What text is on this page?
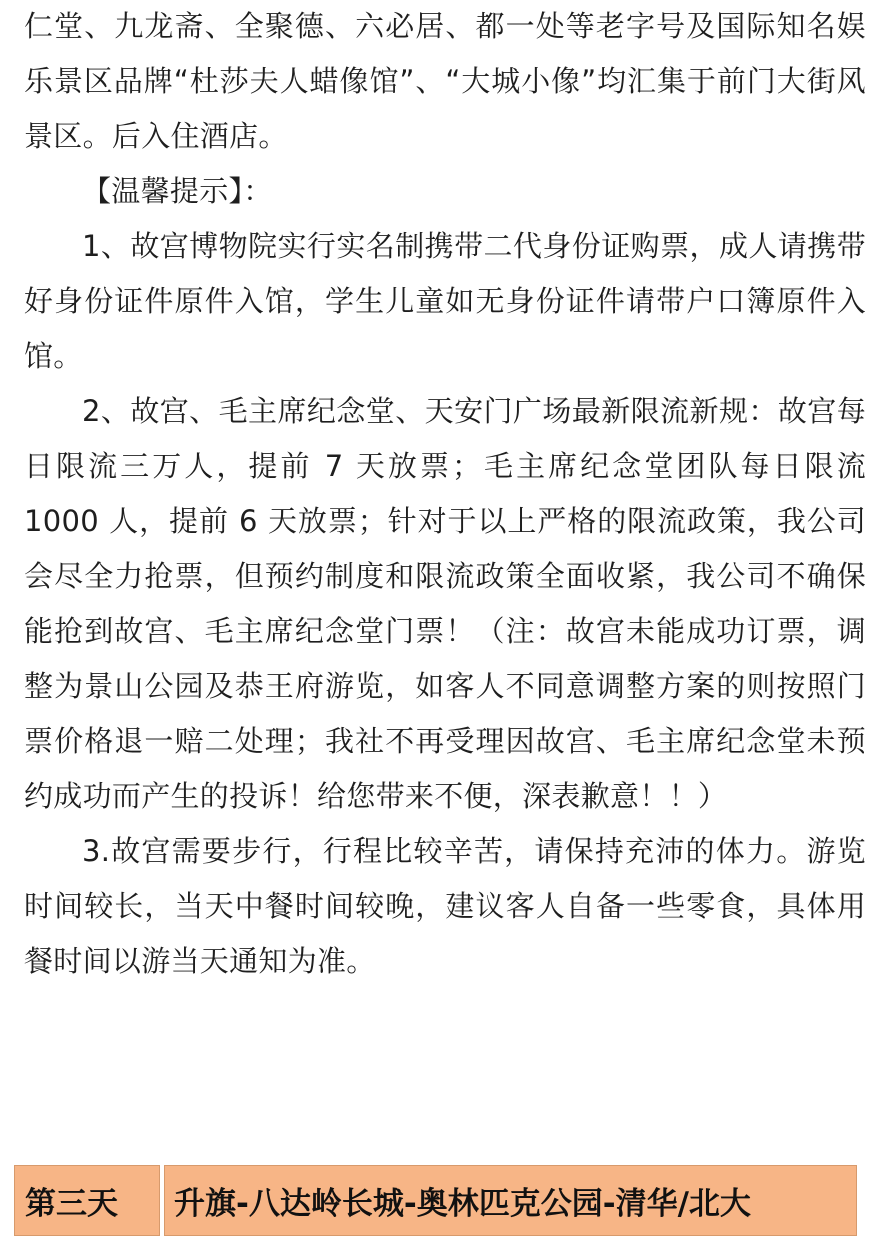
仁堂、九龙斋、全聚德、六必居、都一处等老字号及国际知名娱乐景区品牌“杜莎夫人蜡像馆”、“大城小像”均汇集于前门大街风景区。后入住酒店。

【温馨提示】：

1、故宫博物院实行实名制携带二代身份证购票，成人请携带好身份证件原件入馆，学生儿童如无身份证件请带户口簿原件入馆。

2、故宫、毛主席纪念堂、天安门广场最新限流新规：故宫每日限流三万人，提前 7 天放票；毛主席纪念堂团队每日限流 1000 人，提前 6 天放票；针对于以上严格的限流政策，我公司会尽全力抢票，但预约制度和限流政策全面收紧，我公司不确保能抢到故宫、毛主席纪念堂门票！（注：故宫未能成功订票，调整为景山公园及恭王府游览，如客人不同意调整方案的则按照门票价格退一赔二处理；我社不再受理因故宫、毛主席纪念堂未预约成功而产生的投诉！给您带来不便，深表歉意！！）

3.故宫需要步行，行程比较辛苦，请保持充沛的体力。游览时间较长，当天中餐时间较晚，建议客人自备一些零食，具体用餐时间以游当天通知为准。

第三天	升旗-八达岭长城-奥林匹克公园-清华/北大
